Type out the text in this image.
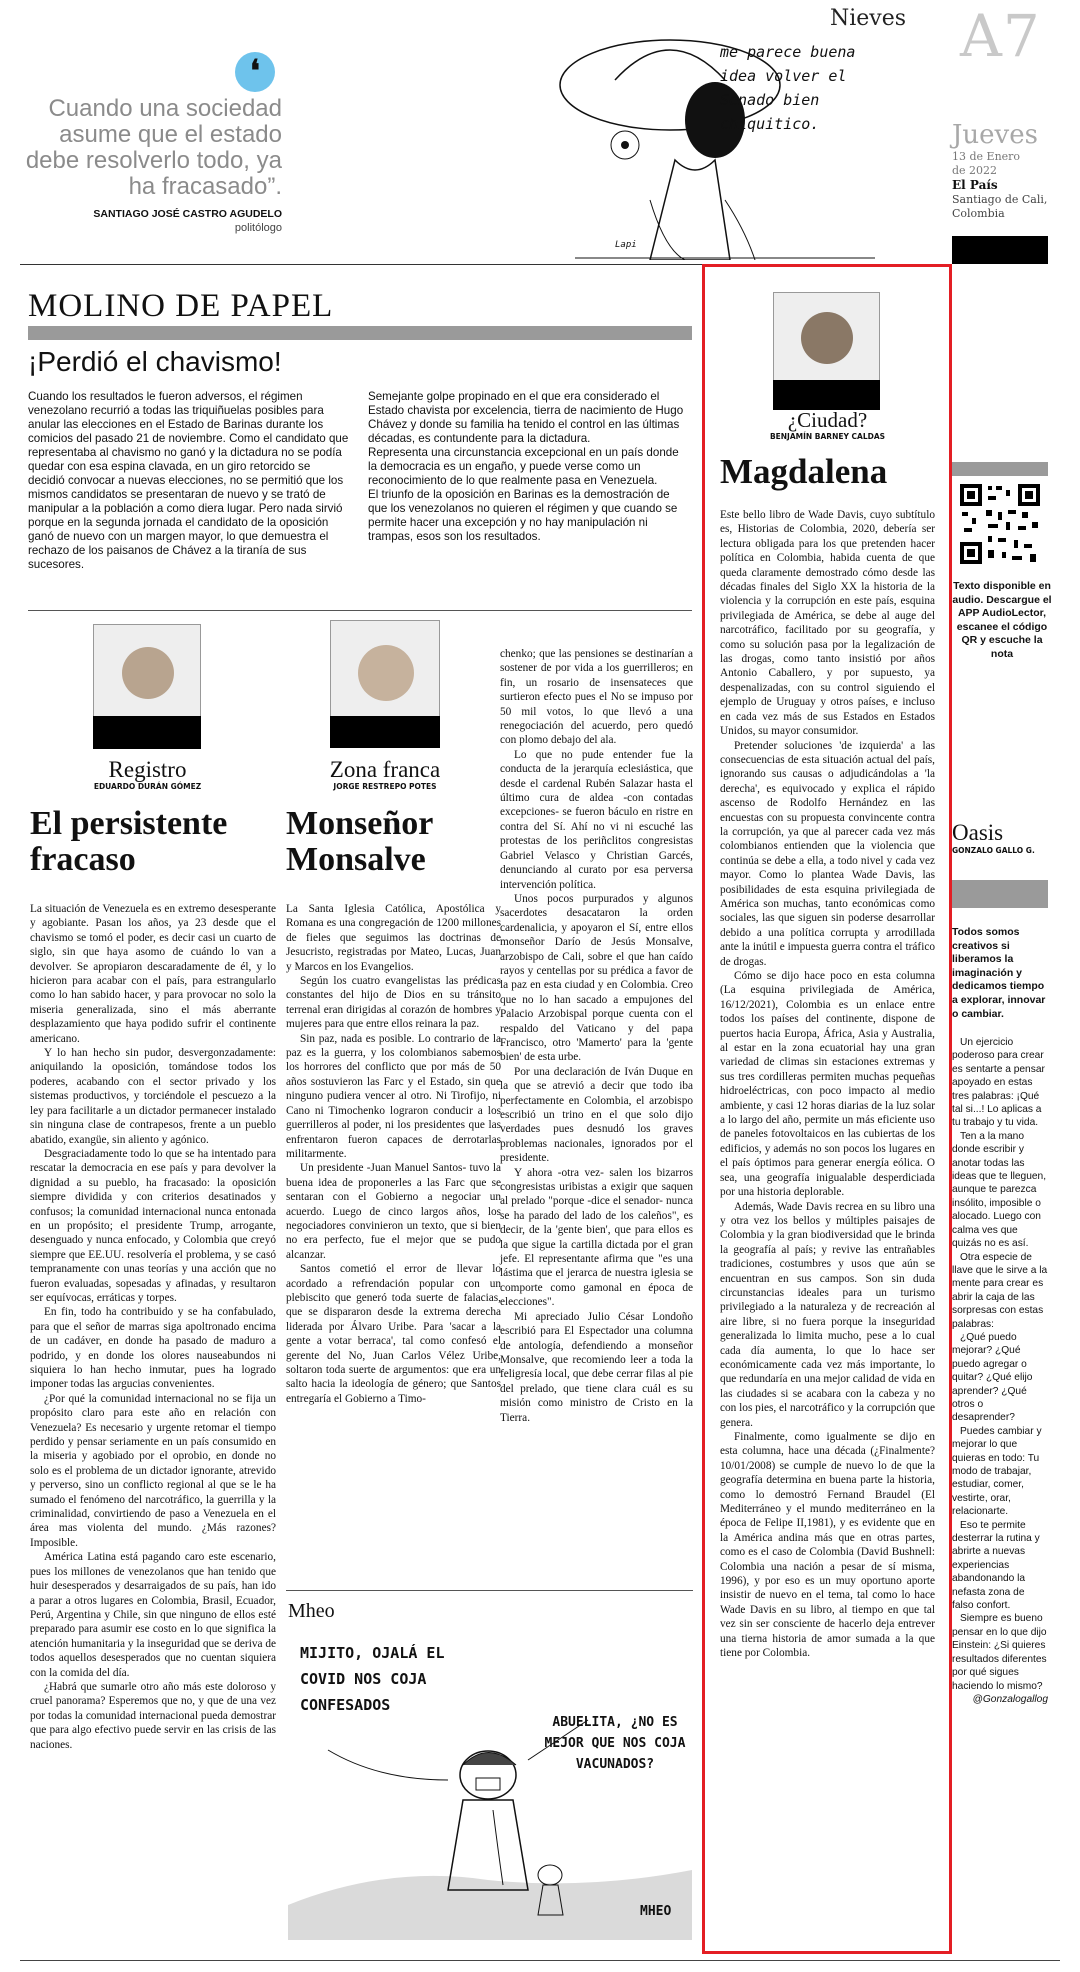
Nieves A7
Jueves
13 de Enero de 2022
El País
Santiago de Cali, Colombia
❛
Cuando una sociedad asume que el estado debe resolverlo todo, ya ha fracasado”.
SANTIAGO JOSÉ CASTRO AGUDELO
politólogo
me parece buena idea volver el Senado bien chiquitico.
Lapi
MOLINO DE PAPEL
¡Perdió el chavismo!
Cuando los resultados le fueron adversos, el régimen venezolano recurrió a todas las triquiñuelas posibles para anular las elecciones en el Estado de Barinas durante los comicios del pasado 21 de noviembre. Como el candidato que representaba al chavismo no ganó y la dictadura no se podía quedar con esa espina clavada, en un giro retorcido se decidió convocar a nuevas elecciones, no se permitió que los mismos candidatos se presentaran de nuevo y se trató de manipular a la población a como diera lugar. Pero nada sirvió porque en la segunda jornada el candidato de la oposición ganó de nuevo con un margen mayor, lo que demuestra el rechazo de los paisanos de Chávez a la tiranía de sus sucesores.
Semejante golpe propinado en el que era considerado el Estado chavista por excelencia, tierra de nacimiento de Hugo Chávez y donde su familia ha tenido el control en las últimas décadas, es contundente para la dictadura.
Representa una circunstancia excepcional en un país donde la democracia es un engaño, y puede verse como un reconocimiento de lo que realmente pasa en Venezuela.
El triunfo de la oposición en Barinas es la demostración de que los venezolanos no quieren el régimen y que cuando se permite hacer una excepción y no hay manipulación ni trampas, esos son los resultados.
Registro
EDUARDO DURÁN GÓMEZ
El persistente fracaso

La situación de Venezuela es en extremo desesperante y agobiante. Pasan los años, ya 23 desde que el chavismo se tomó el poder, es decir casi un cuarto de siglo, sin que haya asomo de cuándo lo van a devolver. Se apropiaron descaradamente de él, y lo hicieron para acabar con el país, para estrangularlo como lo han sabido hacer, y para provocar no solo la miseria generalizada, sino el más aberrante desplazamiento que haya podido sufrir el continente americano.

Y lo han hecho sin pudor, desvergonzadamente: aniquilando la oposición, tomándose todos los poderes, acabando con el sector privado y los sistemas productivos, y torciéndole el pescuezo a la ley para facilitarle a un dictador permanecer instalado sin ninguna clase de contrapesos, frente a un pueblo abatido, exangüe, sin aliento y agónico.

Desgraciadamente todo lo que se ha intentado para rescatar la democracia en ese país y para devolver la dignidad a su pueblo, ha fracasado: la oposición siempre dividida y con criterios desatinados y confusos; la comunidad internacional nunca entonada en un propósito; el presidente Trump, arrogante, desenguado y nunca enfocado, y Colombia que creyó siempre que EE.UU. resolvería el problema, y se casó tempranamente con unas teorías y una acción que no fueron evaluadas, sopesadas y afinadas, y resultaron ser equívocas, erráticas y torpes.

En fin, todo ha contribuido y se ha confabulado, para que el señor de marras siga apoltronado encima de un cadáver, en donde ha pasado de maduro a podrido, y en donde los olores nauseabundos ni siquiera lo han hecho inmutar, pues ha logrado imponer todas las argucias convenientes.

¿Por qué la comunidad internacional no se fija un propósito claro para este año en relación con Venezuela? Es necesario y urgente retomar el tiempo perdido y pensar seriamente en un país consumido en la miseria y agobiado por el oprobio, en donde no solo es el problema de un dictador ignorante, atrevido y perverso, sino un conflicto regional al que se le ha sumado el fenómeno del narcotráfico, la guerrilla y la criminalidad, convirtiendo de paso a Venezuela en el área mas violenta del mundo. ¿Más razones? Imposible.

América Latina está pagando caro este escenario, pues los millones de venezolanos que han tenido que huir desesperados y desarraigados de su país, han ido a parar a otros lugares en Colombia, Brasil, Ecuador, Perú, Argentina y Chile, sin que ninguno de ellos esté preparado para asumir ese costo en lo que significa la atención humanitaria y la inseguridad que se deriva de todos aquellos desesperados que no cuentan siquiera con la comida del día.

¿Habrá que sumarle otro año más este doloroso y cruel panorama? Esperemos que no, y que de una vez por todas la comunidad internacional pueda demostrar que para algo efectivo puede servir en las crisis de las naciones.

Zona franca
JORGE RESTREPO POTES
Monseñor Monsalve

La Santa Iglesia Católica, Apostólica y Romana es una congregación de 1200 millones de fieles que seguimos las doctrinas de Jesucristo, registradas por Mateo, Lucas, Juan y Marcos en los Evangelios.

Según los cuatro evangelistas las prédicas constantes del hijo de Dios en su tránsito terrenal eran dirigidas al corazón de hombres y mujeres para que entre ellos reinara la paz.

Sin paz, nada es posible. Lo contrario de la paz es la guerra, y los colombianos sabemos los horrores del conflicto que por más de 50 años sostuvieron las Farc y el Estado, sin que ninguno pudiera vencer al otro. Ni Tirofijo, ni Cano ni Timochenko lograron conducir a los guerrilleros al poder, ni los presidentes que las enfrentaron fueron capaces de derrotarlas militarmente.

Un presidente -Juan Manuel Santos- tuvo la buena idea de proponerles a las Farc que se sentaran con el Gobierno a negociar un acuerdo. Luego de cinco largos años, los negociadores convinieron un texto, que si bien no era perfecto, fue el mejor que se pudo alcanzar.

Santos cometió el error de llevar lo acordado a refrendación popular con un plebiscito que generó toda suerte de falacias, que se dispararon desde la extrema derecha liderada por Álvaro Uribe. Para 'sacar a la gente a votar berraca', tal como confesó el gerente del No, Juan Carlos Vélez Uribe, soltaron toda suerte de argumentos: que era un salto hacia la ideología de género; que Santos entregaría el Gobierno a Timo-

chenko; que las pensiones se destinarían a sostener de por vida a los guerrilleros; en fin, un rosario de insensateces que surtieron efecto pues el No se impuso por 50 mil votos, lo que llevó a una renegociación del acuerdo, pero quedó con plomo debajo del ala.

Lo que no pude entender fue la conducta de la jerarquía eclesiástica, que desde el cardenal Rubén Salazar hasta el último cura de aldea -con contadas excepciones- se fueron báculo en ristre en contra del Sí. Ahí no vi ni escuché las protestas de los periñclitos congresistas Gabriel Velasco y Christian Garcés, denunciando al curato por esa perversa intervención política.

Unos pocos purpurados y algunos sacerdotes desacataron la orden cardenalicia, y apoyaron el Sí, entre ellos monseñor Darío de Jesús Monsalve, arzobispo de Cali, sobre el que han caído rayos y centellas por su prédica a favor de la paz en esta ciudad y en Colombia. Creo que no lo han sacado a empujones del Palacio Arzobispal porque cuenta con el respaldo del Vaticano y del papa Francisco, otro 'Mamerto' para la 'gente bien' de esta urbe.

Por una declaración de Iván Duque en la que se atrevió a decir que todo iba perfectamente en Colombia, el arzobispo escribió un trino en el que solo dijo verdades pues desnudó los graves problemas nacionales, ignorados por el presidente.

Y ahora -otra vez- salen los bizarros congresistas uribistas a exigir que saquen al prelado "porque -dice el senador- nunca se ha parado del lado de los caleños", es decir, de la 'gente bien', que para ellos es la que sigue la cartilla dictada por el gran jefe. El representante afirma que "es una lástima que el jerarca de nuestra iglesia se comporte como gamonal en época de elecciones".

Mi apreciado Julio César Londoño escribió para El Espectador una columna de antología, defendiendo a monseñor Monsalve, que recomiendo leer a toda la feligresía local, que debe cerrar filas al pie del prelado, que tiene clara cuál es su misión como ministro de Cristo en la Tierra.

Mheo
MIJITO, OJALÁ EL COVID NOS COJA CONFESADOS
ABUELITA, ¿NO ES MEJOR QUE NOS COJA VACUNADOS?
MHEO
¿Ciudad?
BENJAMÍN BARNEY CALDAS
Magdalena

Este bello libro de Wade Davis, cuyo subtítulo es, Historias de Colombia, 2020, debería ser lectura obligada para los que pretenden hacer política en Colombia, habida cuenta de que queda claramente demostrado cómo desde las décadas finales del Siglo XX la historia de la violencia y la corrupción en este país, esquina privilegiada de América, se debe al auge del narcotráfico, facilitado por su geografía, y como su solución pasa por la legalización de las drogas, como tanto insistió por años Antonio Caballero, y por supuesto, ya despenalizadas, con su control siguiendo el ejemplo de Uruguay y otros países, e incluso en cada vez más de sus Estados en Estados Unidos, su mayor consumidor.

Pretender soluciones 'de izquierda' a las consecuencias de esta situación actual del país, ignorando sus causas o adjudicándolas a 'la derecha', es equivocado y explica el rápido ascenso de Rodolfo Hernández en las encuestas con su propuesta convincente contra la corrupción, ya que al parecer cada vez más colombianos entienden que la violencia que continúa se debe a ella, a todo nivel y cada vez mayor. Como lo plantea Wade Davis, las posibilidades de esta esquina privilegiada de América son muchas, tanto económicas como sociales, las que siguen sin poderse desarrollar debido a una política corrupta y arrodillada ante la inútil e impuesta guerra contra el tráfico de drogas.

Cómo se dijo hace poco en esta columna (La esquina privilegiada de América, 16/12/2021), Colombia es un enlace entre todos los países del continente, dispone de puertos hacia Europa, África, Asia y Australia, al estar en la zona ecuatorial hay una gran variedad de climas sin estaciones extremas y sus tres cordilleras permiten muchas pequeñas hidroeléctricas, con poco impacto al medio ambiente, y casi 12 horas diarias de la luz solar a lo largo del año, permite un más eficiente uso de paneles fotovoltaicos en las cubiertas de los edificios, y además no son pocos los lugares en el país óptimos para generar energía eólica. O sea, una geografía inigualable desperdiciada por una historia deplorable.

Además, Wade Davis recrea en su libro una y otra vez los bellos y múltiples paisajes de Colombia y la gran biodiversidad que le brinda la geografía al país; y revive las entrañables tradiciones, costumbres y usos que aún se encuentran en sus campos. Son sin duda circunstancias ideales para un turismo privilegiado a la naturaleza y de recreación al aire libre, si no fuera porque la inseguridad generalizada lo limita mucho, pese a lo cual cada día aumenta, lo que lo hace ser económicamente cada vez más importante, lo que redundaría en una mejor calidad de vida en las ciudades si se acabara con la cabeza y no con los pies, el narcotráfico y la corrupción que genera.

Finalmente, como igualmente se dijo en esta columna, hace una década (¿Finalmente? 10/01/2008) se cumple de nuevo lo de que la geografía determina en buena parte la historia, como lo demostró Fernand Braudel (El Mediterráneo y el mundo mediterráneo en la época de Felipe II,1981), y es evidente que en la América andina más que en otras partes, como es el caso de Colombia (David Bushnell: Colombia una nación a pesar de sí misma, 1996), y por eso es un muy oportuno aporte insistir de nuevo en el tema, tal como lo hace Wade Davis en su libro, al tiempo en que tal vez sin ser consciente de hacerlo deja entrever una tierna historia de amor sumada a la que tiene por Colombia.

Texto disponible en audio. Descargue el APP AudioLector, escanee el código QR y escuche la nota
Oasis
GONZALO GALLO G.
Todos somos creativos si liberamos la imaginación y dedicamos tiempo a explorar, innovar o cambiar.

Un ejercicio poderoso para crear es sentarte a pensar apoyado en estas tres palabras: ¡Qué tal si...! Lo aplicas a tu trabajo y tu vida.

Ten a la mano donde escribir y anotar todas las ideas que te lleguen, aunque te parezca insólito, imposible o alocado. Luego con calma ves que quizás no es así.

Otra especie de llave que le sirve a la mente para crear es abrir la caja de las sorpresas con estas palabras:

¿Qué puedo mejorar? ¿Qué puedo agregar o quitar? ¿Qué elijo aprender? ¿Qué otros o desaprender?

Puedes cambiar y mejorar lo que quieras en todo: Tu modo de trabajar, estudiar, comer, vestirte, orar, relacionarte.

Eso te permite desterrar la rutina y abrirte a nuevas experiencias abandonando la nefasta zona de falso confort.

Siempre es bueno pensar en lo que dijo Einstein: ¿Si quieres resultados diferentes por qué sigues haciendo lo mismo?

@Gonzalogallog
